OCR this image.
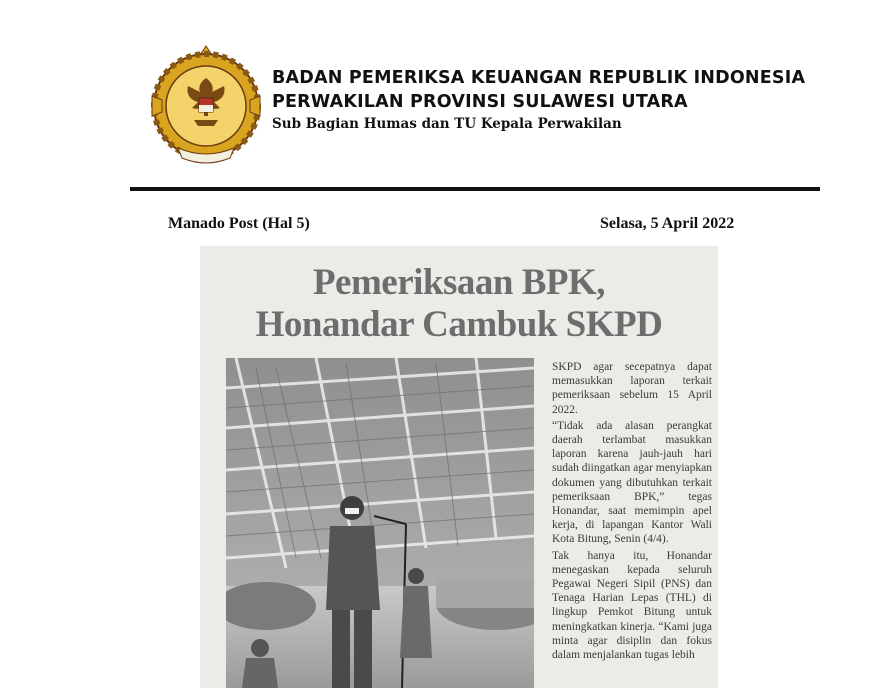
BADAN PEMERIKSA KEUANGAN REPUBLIK INDONESIA
PERWAKILAN PROVINSI SULAWESI UTARA
Sub Bagian Humas dan TU Kepala Perwakilan
Manado Post (Hal 5)	Selasa, 5 April 2022
Pemeriksaan BPK,
Honandar Cambuk SKPD

SKPD agar secepatnya dapat memasukkan laporan terkait pemeriksaan sebelum 15 April 2022.

“Tidak ada alasan perangkat daerah terlambat masukkan laporan karena jauh-jauh hari sudah diingatkan agar menyiapkan dokumen yang dibutuhkan terkait pemeriksaan BPK,” tegas Honandar, saat memimpin apel kerja, di lapangan Kantor Wali Kota Bitung, Senin (4/4).

Tak hanya itu, Honandar menegaskan kepada seluruh Pegawai Negeri Sipil (PNS) dan Tenaga Harian Lepas (THL) di lingkup Pemkot Bitung untuk meningkatkan kinerja. “Kami juga minta agar disiplin dan fokus dalam menjalankan tugas lebih
